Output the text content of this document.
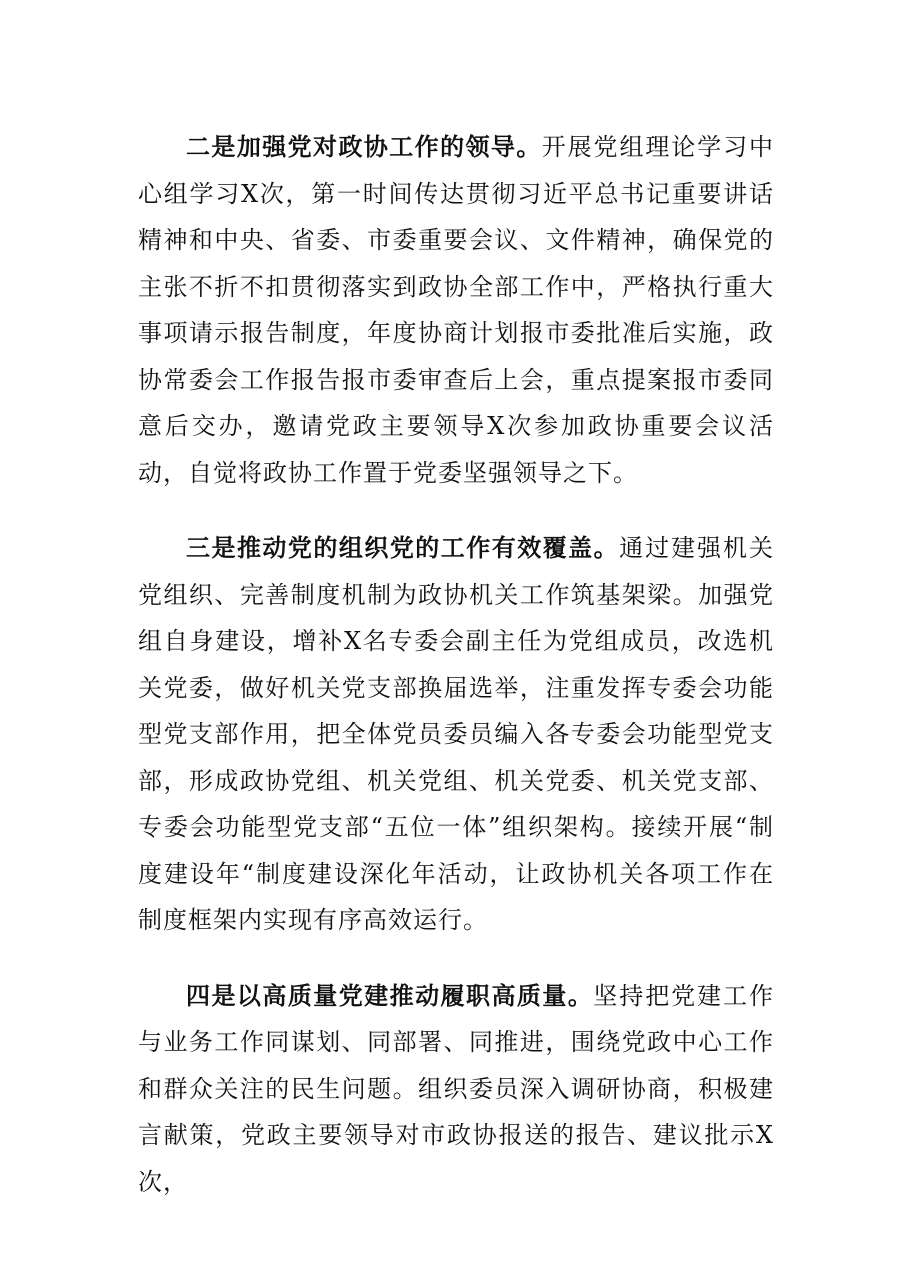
二是加强党对政协工作的领导。开展党组理论学习中心组学习X次，第一时间传达贯彻习近平总书记重要讲话精神和中央、省委、市委重要会议、文件精神，确保党的主张不折不扣贯彻落实到政协全部工作中，严格执行重大事项请示报告制度，年度协商计划报市委批准后实施，政协常委会工作报告报市委审查后上会，重点提案报市委同意后交办，邀请党政主要领导X次参加政协重要会议活动，自觉将政协工作置于党委坚强领导之下。

三是推动党的组织党的工作有效覆盖。通过建强机关党组织、完善制度机制为政协机关工作筑基架梁。加强党组自身建设，增补X名专委会副主任为党组成员，改选机关党委，做好机关党支部换届选举，注重发挥专委会功能型党支部作用，把全体党员委员编入各专委会功能型党支部，形成政协党组、机关党组、机关党委、机关党支部、专委会功能型党支部“五位一体”组织架构。接续开展“制度建设年“制度建设深化年活动，让政协机关各项工作在制度框架内实现有序高效运行。

四是以高质量党建推动履职高质量。坚持把党建工作与业务工作同谋划、同部署、同推进，围绕党政中心工作和群众关注的民生问题。组织委员深入调研协商，积极建言献策，党政主要领导对市政协报送的报告、建议批示X次，
